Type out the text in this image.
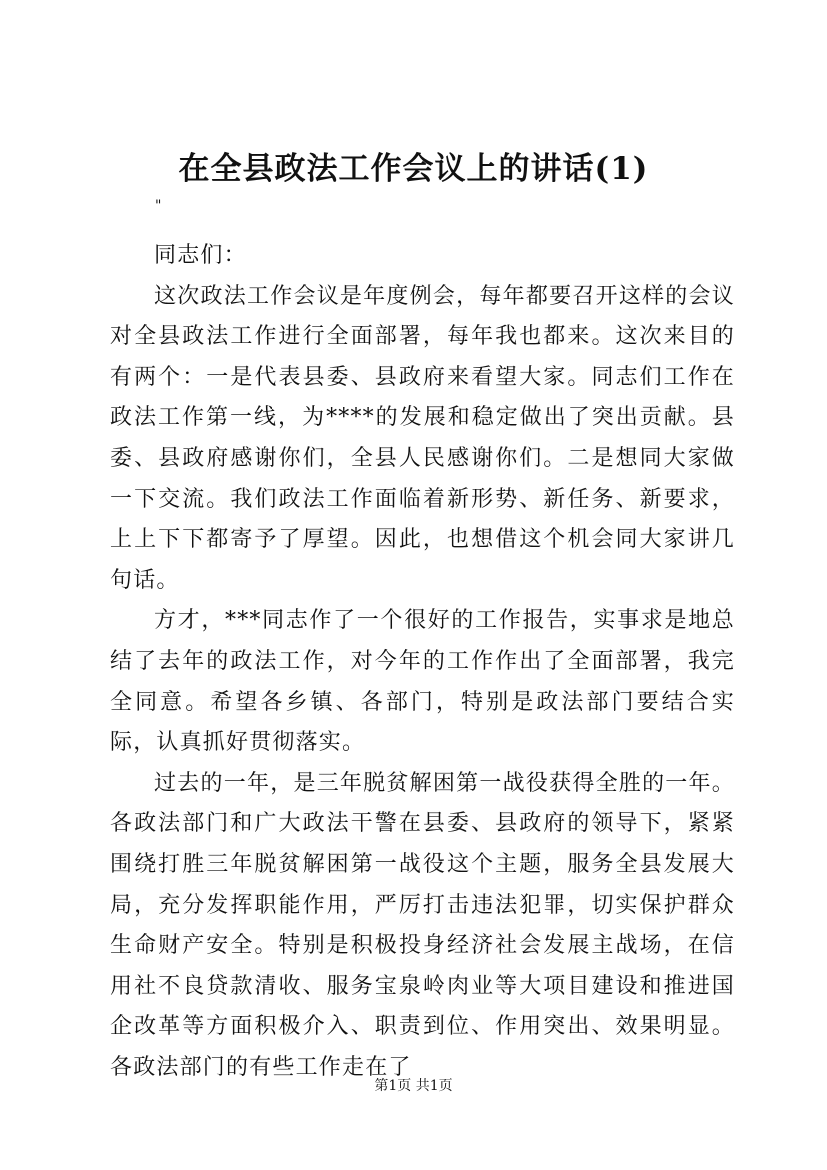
在全县政法工作会议上的讲话(1)
"

同志们：

这次政法工作会议是年度例会，每年都要召开这样的会议对全县政法工作进行全面部署，每年我也都来。这次来目的有两个：一是代表县委、县政府来看望大家。同志们工作在政法工作第一线，为****的发展和稳定做出了突出贡献。县委、县政府感谢你们，全县人民感谢你们。二是想同大家做一下交流。我们政法工作面临着新形势、新任务、新要求，上上下下都寄予了厚望。因此，也想借这个机会同大家讲几句话。

方才，***同志作了一个很好的工作报告，实事求是地总结了去年的政法工作，对今年的工作作出了全面部署，我完全同意。希望各乡镇、各部门，特别是政法部门要结合实际，认真抓好贯彻落实。

过去的一年，是三年脱贫解困第一战役获得全胜的一年。各政法部门和广大政法干警在县委、县政府的领导下，紧紧围绕打胜三年脱贫解困第一战役这个主题，服务全县发展大局，充分发挥职能作用，严厉打击违法犯罪，切实保护群众生命财产安全。特别是积极投身经济社会发展主战场，在信用社不良贷款清收、服务宝泉岭肉业等大项目建设和推进国企改革等方面积极介入、职责到位、作用突出、效果明显。各政法部门的有些工作走在了

第1页 共1页
